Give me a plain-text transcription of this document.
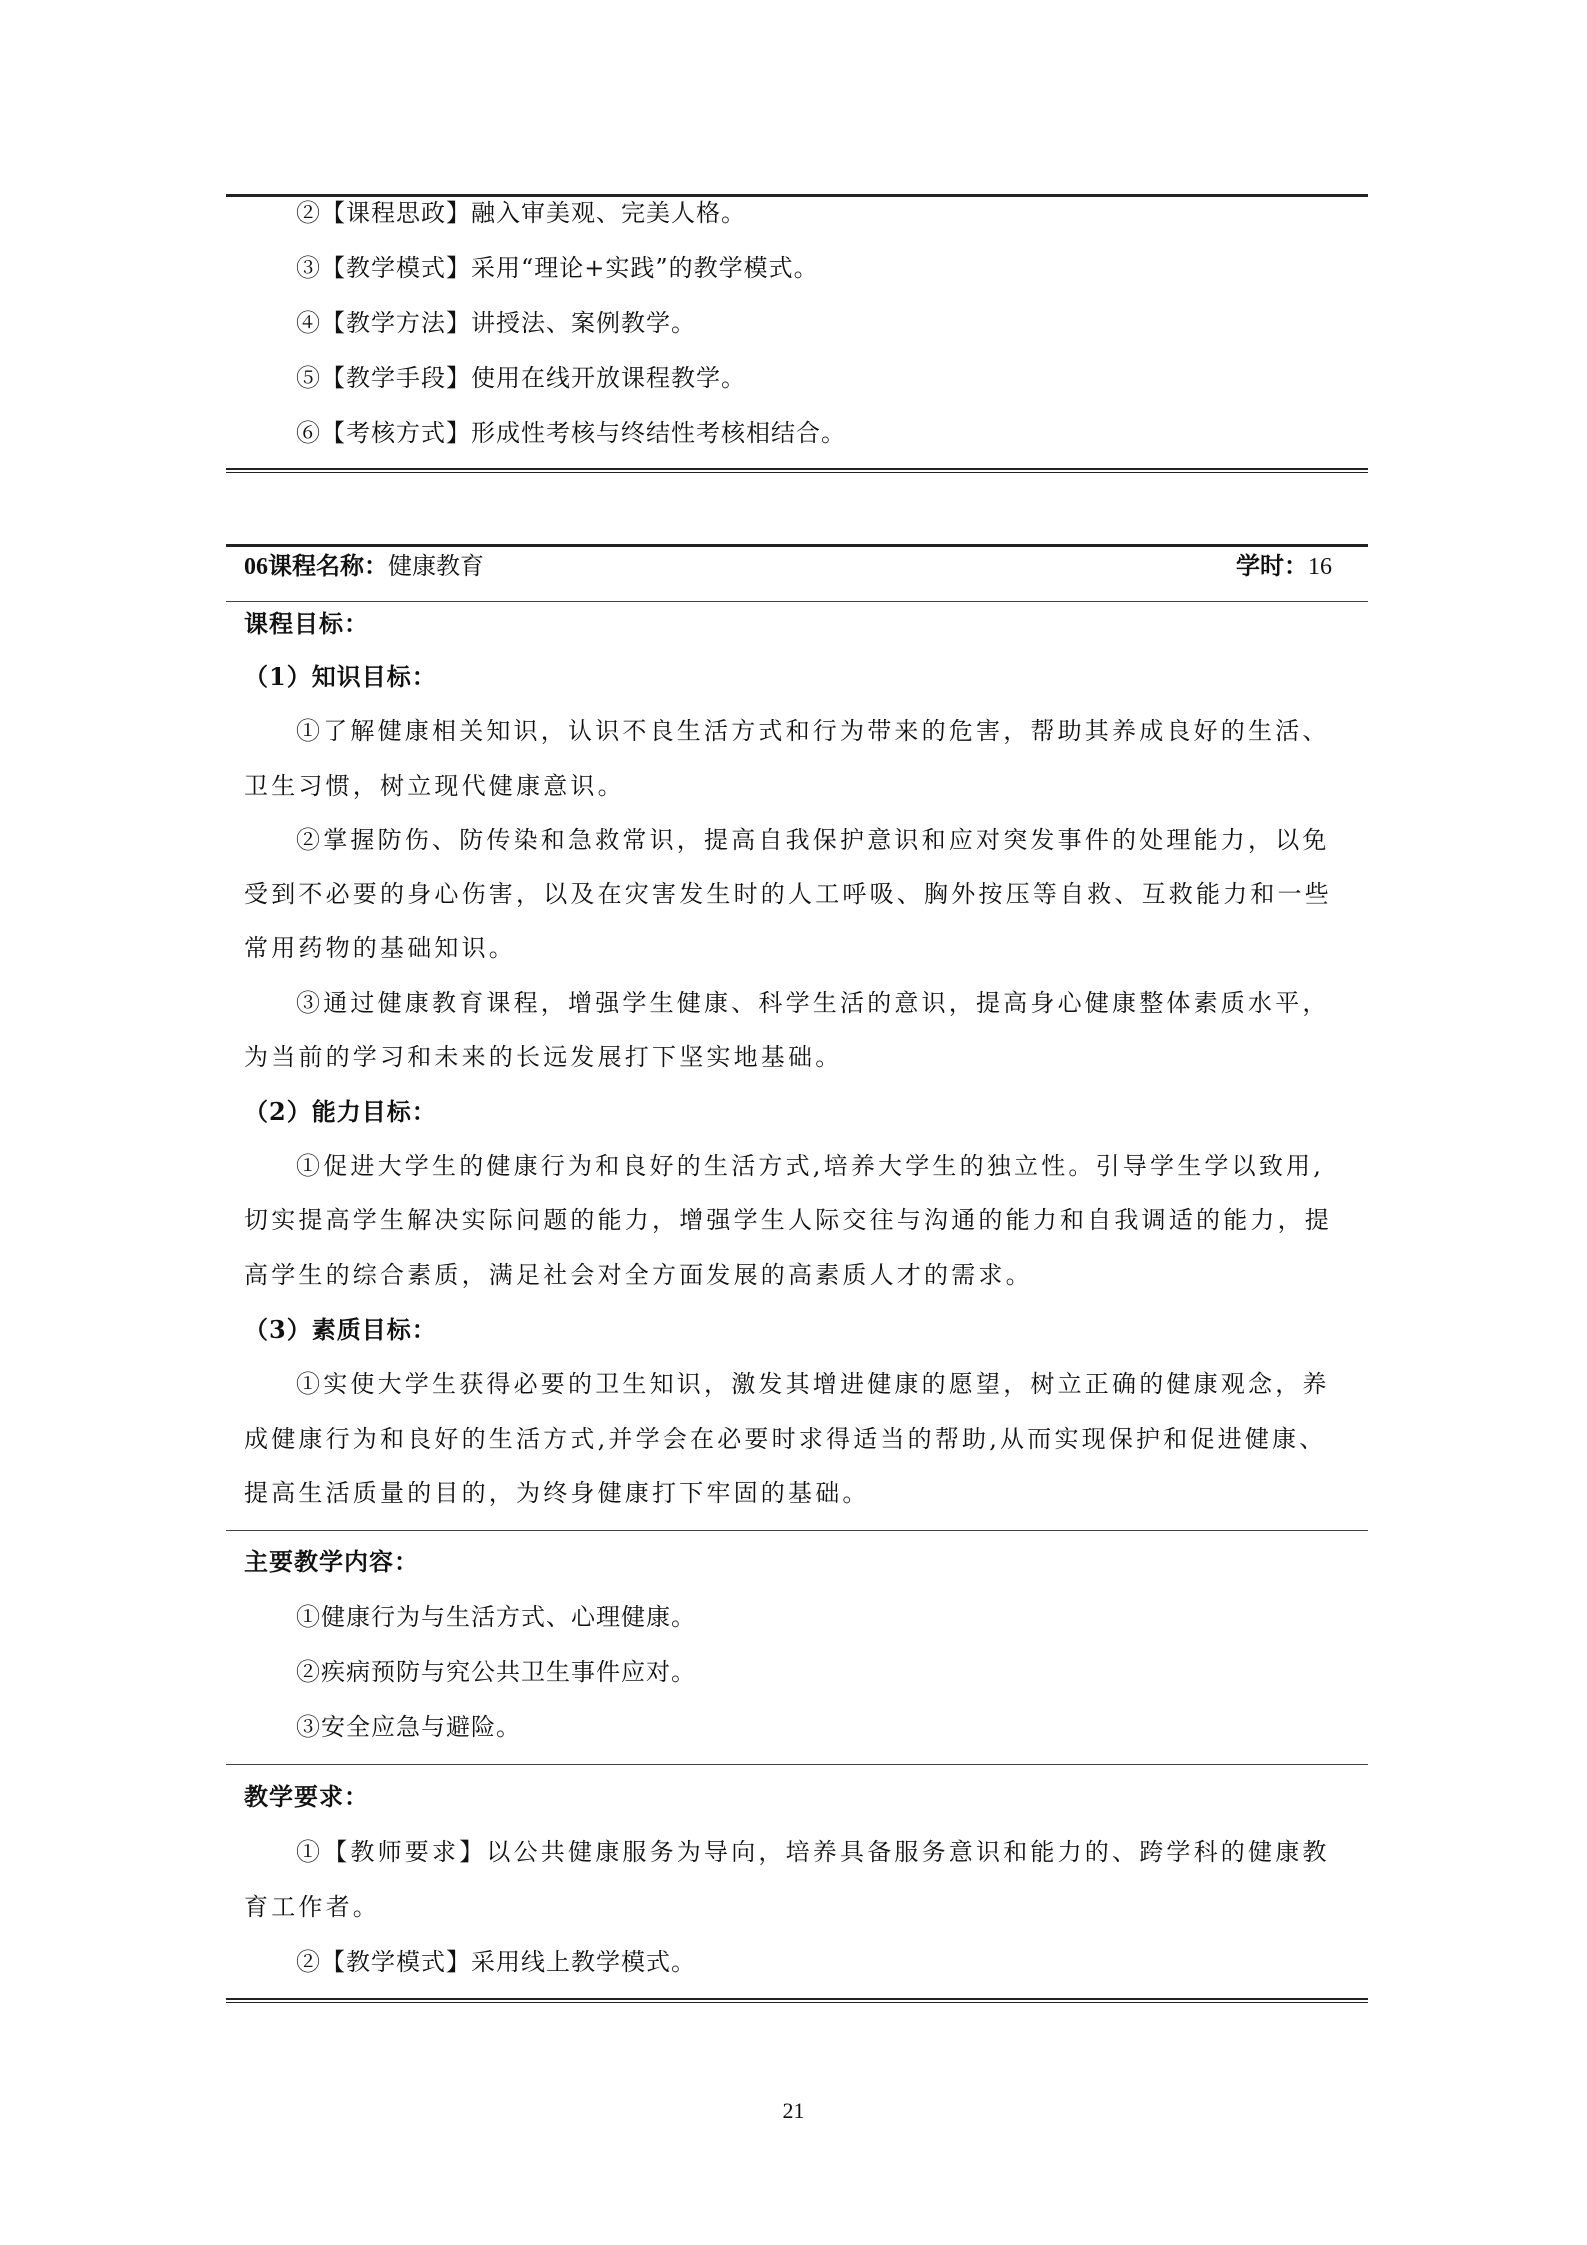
②【课程思政】融入审美观、完美人格。
③【教学模式】采用“理论+实践”的教学模式。
④【教学方法】讲授法、案例教学。
⑤【教学手段】使用在线开放课程教学。
⑥【考核方式】形成性考核与终结性考核相结合。
06课程名称：健康教育	学时：16
课程目标：
（1）知识目标：
①了解健康相关知识，认识不良生活方式和行为带来的危害，帮助其养成良好的生活、
卫生习惯，树立现代健康意识。
②掌握防伤、防传染和急救常识，提高自我保护意识和应对突发事件的处理能力，以免
受到不必要的身心伤害，以及在灾害发生时的人工呼吸、胸外按压等自救、互救能力和一些
常用药物的基础知识。
③通过健康教育课程，增强学生健康、科学生活的意识，提高身心健康整体素质水平，
为当前的学习和未来的长远发展打下坚实地基础。
（2）能力目标：
①促进大学生的健康行为和良好的生活方式,培养大学生的独立性。引导学生学以致用,
切实提高学生解决实际问题的能力，增强学生人际交往与沟通的能力和自我调适的能力，提
高学生的综合素质，满足社会对全方面发展的高素质人才的需求。
（3）素质目标：
①实使大学生获得必要的卫生知识，激发其增进健康的愿望，树立正确的健康观念，养
成健康行为和良好的生活方式,并学会在必要时求得适当的帮助,从而实现保护和促进健康、
提高生活质量的目的，为终身健康打下牢固的基础。
主要教学内容：
①健康行为与生活方式、心理健康。
②疾病预防与究公共卫生事件应对。
③安全应急与避险。
教学要求：
①【教师要求】以公共健康服务为导向，培养具备服务意识和能力的、跨学科的健康教
育工作者。
②【教学模式】采用线上教学模式。
21
